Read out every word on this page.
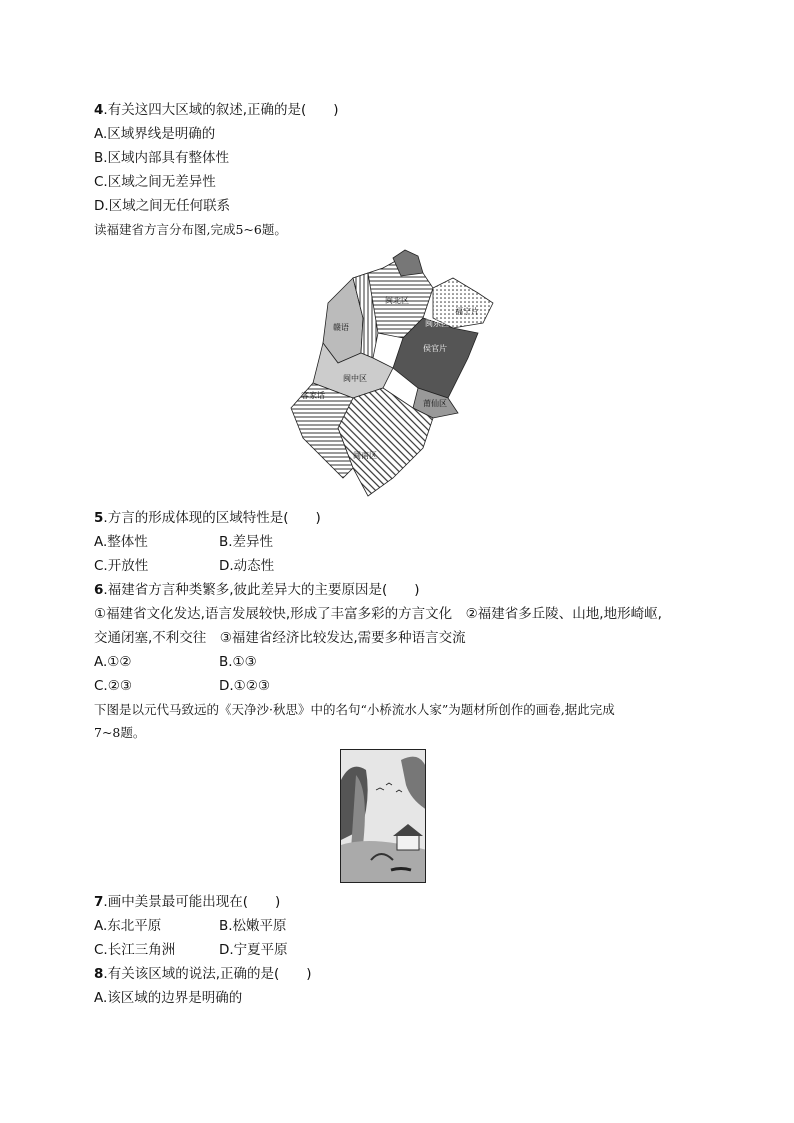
4.有关这四大区域的叙述,正确的是(　　)
A.区域界线是明确的
B.区域内部具有整体性
C.区域之间无差异性
D.区域之间无任何联系
读福建省方言分布图,完成5~6题。
闽北区
闽东区
福宁片
侯官片
赣语
闽中区
莆仙区
客家话
闽南区
5.方言的形成体现的区域特性是(　　)
A.整体性	B.差异性
C.开放性	D.动态性
6.福建省方言种类繁多,彼此差异大的主要原因是(　　)
①福建省文化发达,语言发展较快,形成了丰富多彩的方言文化　②福建省多丘陵、山地,地形崎岖,
交通闭塞,不利交往　③福建省经济比较发达,需要多种语言交流
A.①②	B.①③
C.②③	D.①②③
下图是以元代马致远的《天净沙·秋思》中的名句“小桥流水人家”为题材所创作的画卷,据此完成
7~8题。
7.画中美景最可能出现在(　　)
A.东北平原	B.松嫩平原
C.长江三角洲	D.宁夏平原
8.有关该区域的说法,正确的是(　　)
A.该区域的边界是明确的
